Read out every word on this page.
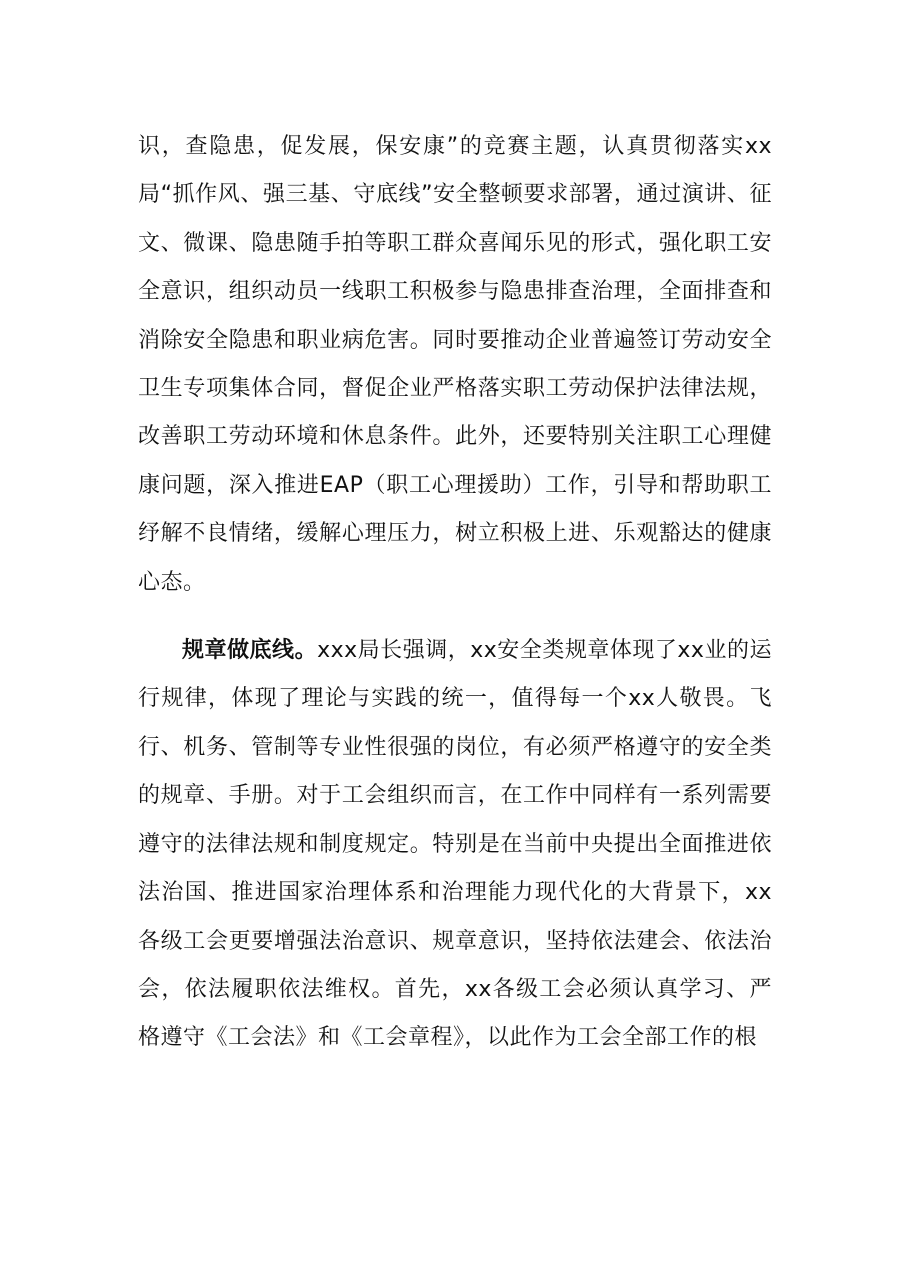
识，查隐患，促发展，保安康”的竞赛主题，认真贯彻落实xx局“抓作风、强三基、守底线”安全整顿要求部署，通过演讲、征文、微课、隐患随手拍等职工群众喜闻乐见的形式，强化职工安全意识，组织动员一线职工积极参与隐患排查治理，全面排查和消除安全隐患和职业病危害。同时要推动企业普遍签订劳动安全卫生专项集体合同，督促企业严格落实职工劳动保护法律法规，改善职工劳动环境和休息条件。此外，还要特别关注职工心理健康问题，深入推进EAP（职工心理援助）工作，引导和帮助职工纾解不良情绪，缓解心理压力，树立积极上进、乐观豁达的健康心态。

规章做底线。xxx局长强调，xx安全类规章体现了xx业的运行规律，体现了理论与实践的统一，值得每一个xx人敬畏。飞行、机务、管制等专业性很强的岗位，有必须严格遵守的安全类的规章、手册。对于工会组织而言，在工作中同样有一系列需要遵守的法律法规和制度规定。特别是在当前中央提出全面推进依法治国、推进国家治理体系和治理能力现代化的大背景下，xx各级工会更要增强法治意识、规章意识，坚持依法建会、依法治会，依法履职依法维权。首先，xx各级工会必须认真学习、严格遵守《工会法》和《工会章程》，以此作为工会全部工作的根
